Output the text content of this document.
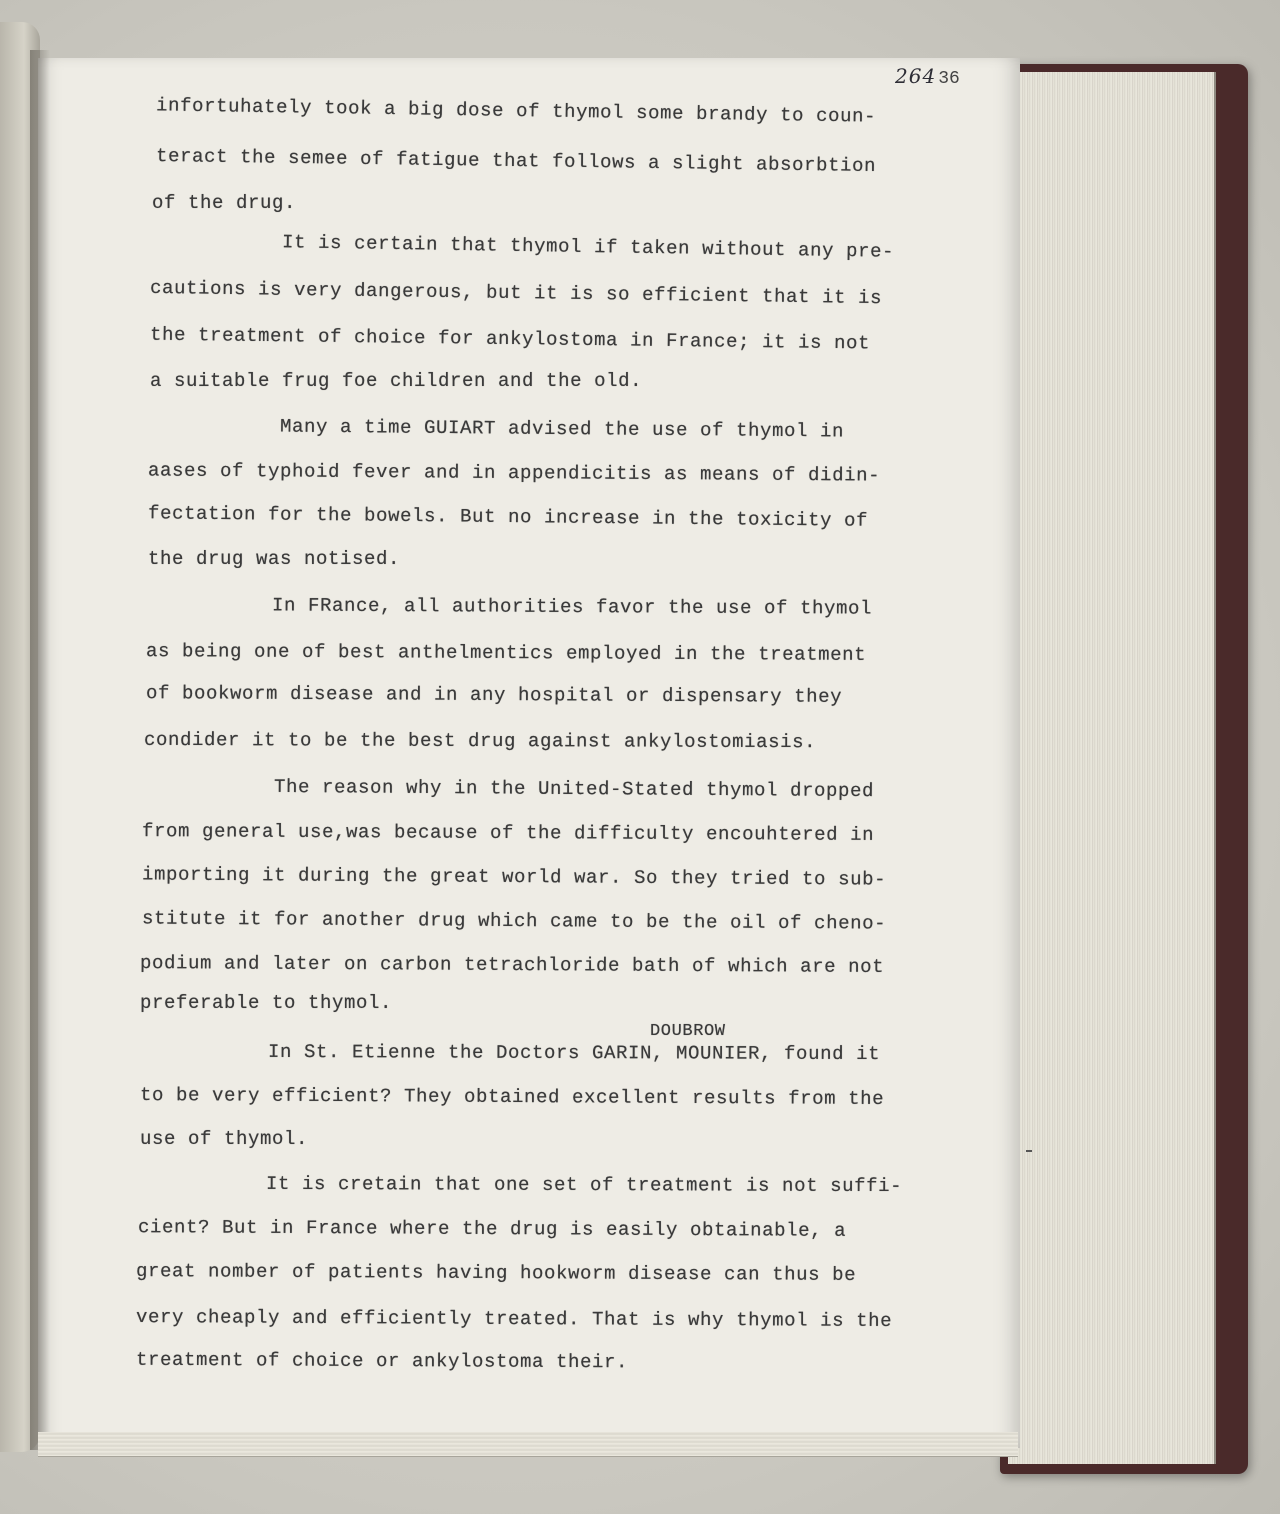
264 36
infortuhately took a big dose of thymol some brandy to coun-
teract the semee of fatigue that follows a slight absorbtion
of the drug.
It is certain that thymol if taken without any pre-
cautions is very dangerous, but it is so efficient that it is
the treatment of choice for ankylostoma in France; it is not
a suitable frug foe children and the old.
Many a time GUIART advised the use of thymol in
aases of typhoid fever and in appendicitis as means of didin-
fectation for the bowels. But no increase in the toxicity of
the drug was notised.
In FRance, all authorities favor the use of thymol
as being one of best anthelmentics employed in the treatment
of bookworm disease and in any hospital or dispensary they
condider it to be the best drug against ankylostomiasis.
The reason why in the United-Stated thymol dropped
from general use,was because of the difficulty encouhtered in
importing it during the great world war. So they tried to sub-
stitute it for another drug which came to be the oil of cheno-
podium and later on carbon tetrachloride bath of which are not
preferable to thymol.
DOUBROW
In St. Etienne the Doctors GARIN, MOUNIER, found it
to be very efficient? They obtained excellent results from the
use of thymol.
It is cretain that one set of treatment is not suffi-
cient? But in France where the drug is easily obtainable, a
great nomber of patients having hookworm disease can thus be
very cheaply and efficiently treated. That is why thymol is the
treatment of choice or ankylostoma their.
